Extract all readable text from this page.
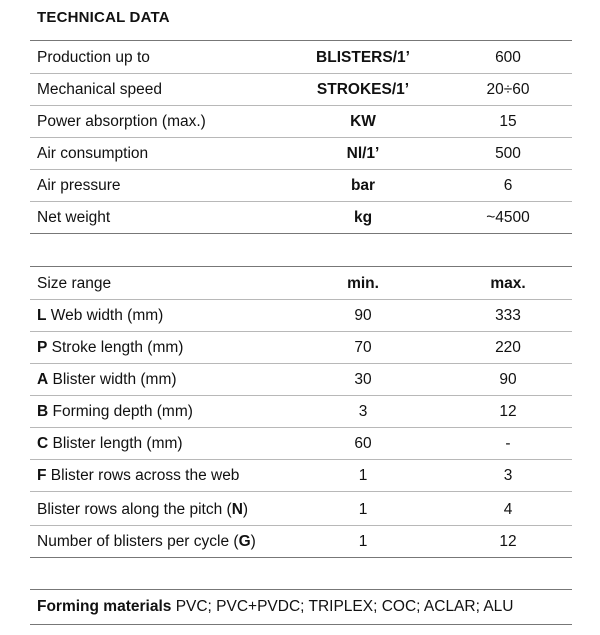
TECHNICAL DATA
Production up to	BLISTERS/1’	600
Mechanical speed	STROKES/1’	20÷60
Power absorption (max.)	KW	15
Air consumption	Nl/1’	500
Air pressure	bar	6
Net weight	kg	~4500
Size range	min.	max.
L Web width (mm)	90	333
P Stroke length (mm)	70	220
A Blister width (mm)	30	90
B Forming depth (mm)	3	12
C Blister length (mm)	60	-
F Blister rows across the web	1	3
Blister rows along the pitch (N)	1	4
Number of blisters per cycle (G)	1	12
Forming materials PVC; PVC+PVDC; TRIPLEX; COC; ACLAR; ALU
